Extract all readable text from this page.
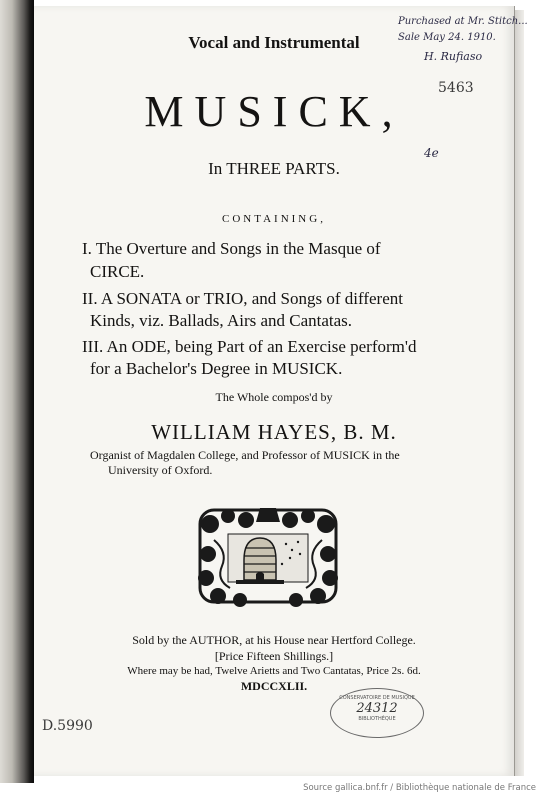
Purchased at Mr. Stitch...
Sale May 24. 1910.
H. Rufiaso
5463
4e
Vocal and Instrumental
MUSICK,
In THREE PARTS.
CONTAINING,
I. The Overture and Songs in the Masque of
CIRCE.
II. A SONATA or TRIO, and Songs of different
Kinds, viz. Ballads, Airs and Cantatas.
III. An ODE, being Part of an Exercise perform'd
for a Bachelor's Degree in MUSICK.
The Whole compos'd by
WILLIAM HAYES, B. M.
Organist of Magdalen College, and Professor of MUSICK in the
University of Oxford.
Sold by the AUTHOR, at his House near Hertford College.
[Price Fifteen Shillings.]
Where may be had, Twelve Arietts and Two Cantatas, Price 2s. 6d.
MDCCXLII.
CONSERVATOIRE DE MUSIQUE
24312
BIBLIOTHÈQUE
D.5990
Source gallica.bnf.fr / Bibliothèque nationale de France
